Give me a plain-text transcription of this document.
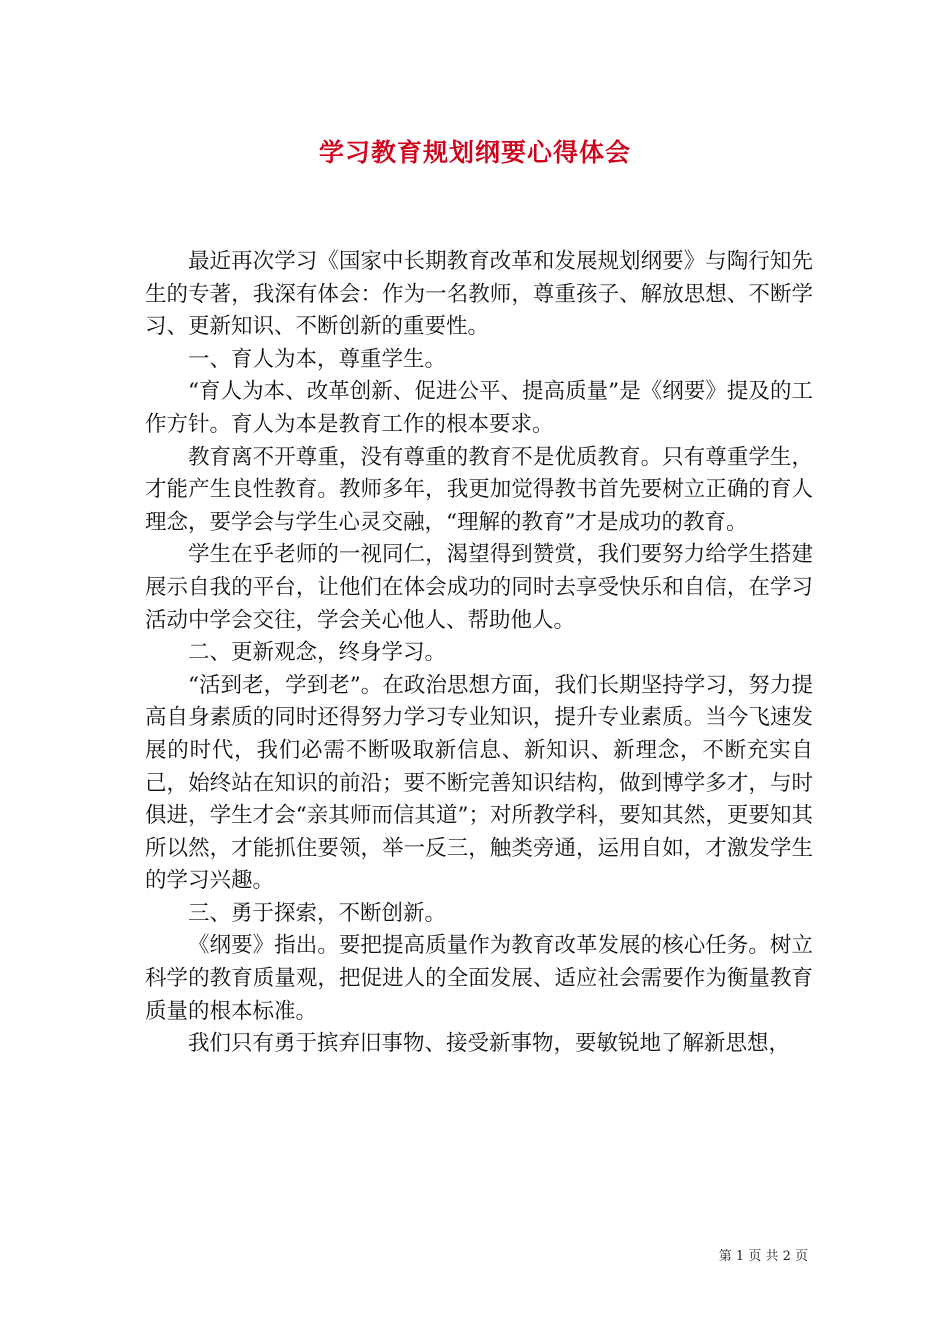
学习教育规划纲要心得体会

最近再次学习《国家中长期教育改革和发展规划纲要》与陶行知先生的专著，我深有体会：作为一名教师，尊重孩子、解放思想、不断学习、更新知识、不断创新的重要性。

一、育人为本，尊重学生。

“育人为本、改革创新、促进公平、提高质量”是《纲要》提及的工作方针。育人为本是教育工作的根本要求。

教育离不开尊重，没有尊重的教育不是优质教育。只有尊重学生，才能产生良性教育。教师多年，我更加觉得教书首先要树立正确的育人理念，要学会与学生心灵交融，“理解的教育”才是成功的教育。

学生在乎老师的一视同仁，渴望得到赞赏，我们要努力给学生搭建展示自我的平台，让他们在体会成功的同时去享受快乐和自信，在学习活动中学会交往，学会关心他人、帮助他人。

二、更新观念，终身学习。

“活到老，学到老”。在政治思想方面，我们长期坚持学习，努力提高自身素质的同时还得努力学习专业知识，提升专业素质。当今飞速发展的时代，我们必需不断吸取新信息、新知识、新理念，不断充实自己，始终站在知识的前沿；要不断完善知识结构，做到博学多才，与时俱进，学生才会“亲其师而信其道”；对所教学科，要知其然，更要知其所以然，才能抓住要领，举一反三，触类旁通，运用自如，才激发学生的学习兴趣。

三、勇于探索，不断创新。

《纲要》指出。要把提高质量作为教育改革发展的核心任务。树立科学的教育质量观，把促进人的全面发展、适应社会需要作为衡量教育质量的根本标准。

我们只有勇于摈弃旧事物、接受新事物，要敏锐地了解新思想，

第 1 页 共 2 页
